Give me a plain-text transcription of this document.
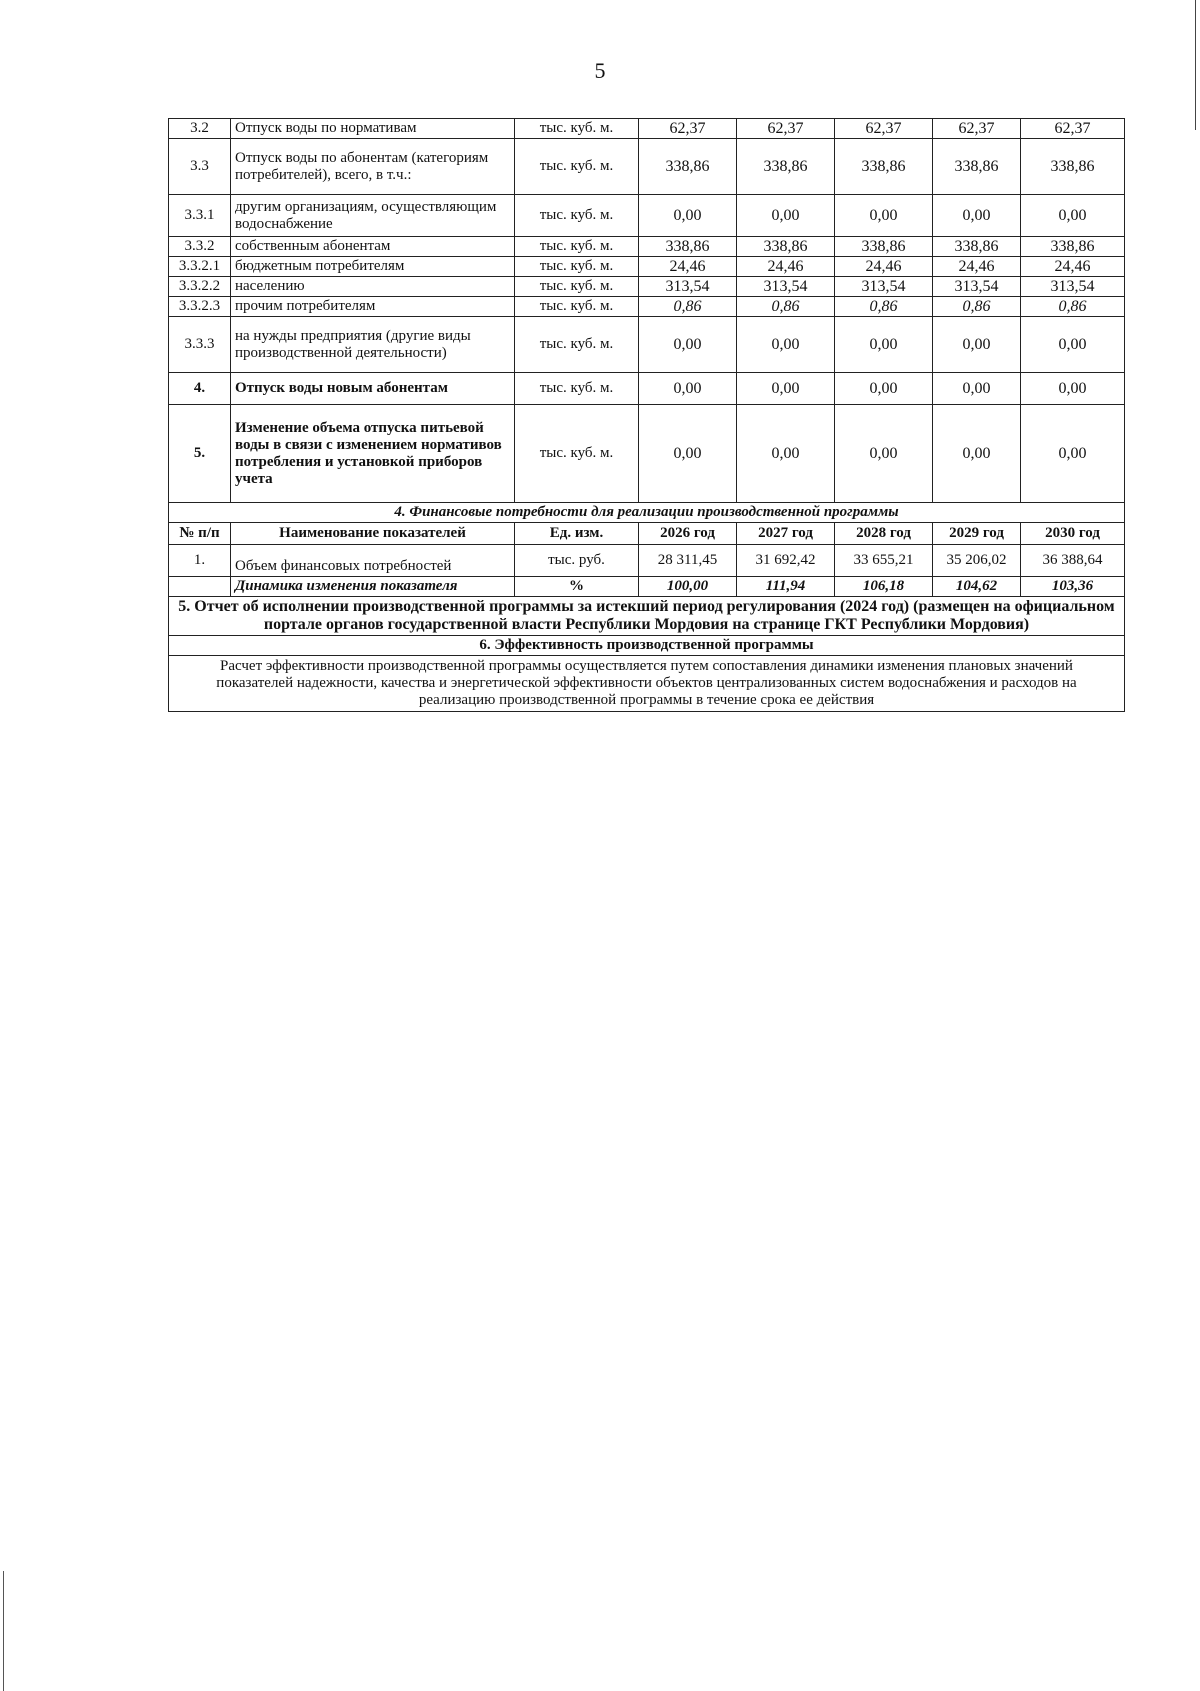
5
3.2	Отпуск воды по нормативам	тыс. куб. м.	62,37	62,37	62,37	62,37	62,37
3.3	Отпуск воды по абонентам (категориям потребителей), всего, в т.ч.:	тыс. куб. м.	338,86	338,86	338,86	338,86	338,86
3.3.1	другим организациям, осуществляющим водоснабжение	тыс. куб. м.	0,00	0,00	0,00	0,00	0,00
3.3.2	собственным абонентам	тыс. куб. м.	338,86	338,86	338,86	338,86	338,86
3.3.2.1	бюджетным потребителям	тыс. куб. м.	24,46	24,46	24,46	24,46	24,46
3.3.2.2	населению	тыс. куб. м.	313,54	313,54	313,54	313,54	313,54
3.3.2.3	прочим потребителям	тыс. куб. м.	0,86	0,86	0,86	0,86	0,86
3.3.3	на нужды предприятия (другие виды производственной деятельности)	тыс. куб. м.	0,00	0,00	0,00	0,00	0,00
4.	Отпуск воды новым абонентам	тыс. куб. м.	0,00	0,00	0,00	0,00	0,00
5.	Изменение объема отпуска питьевой воды в связи с изменением нормативов потребления и установкой приборов учета	тыс. куб. м.	0,00	0,00	0,00	0,00	0,00
4. Финансовые потребности для реализации производственной программы							
№ п/п	Наименование показателей	Ед. изм.	2026 год	2027 год	2028 год	2029 год	2030 год
1.	Объем финансовых потребностей	тыс. руб.	28 311,45	31 692,42	33 655,21	35 206,02	36 388,64
	Динамика изменения показателя	%	100,00	111,94	106,18	104,62	103,36
5. Отчет об исполнении производственной программы за истекший период регулирования (2024 год) (размещен на официальном портале органов государственной власти Республики Мордовия на странице ГКТ Республики Мордовия)							
6. Эффективность производственной программы							
Расчет эффективности производственной программы осуществляется путем сопоставления динамики изменения плановых значений показателей надежности, качества и энергетической эффективности объектов централизованных систем водоснабжения и расходов на реализацию производственной программы в течение срока ее действия							
